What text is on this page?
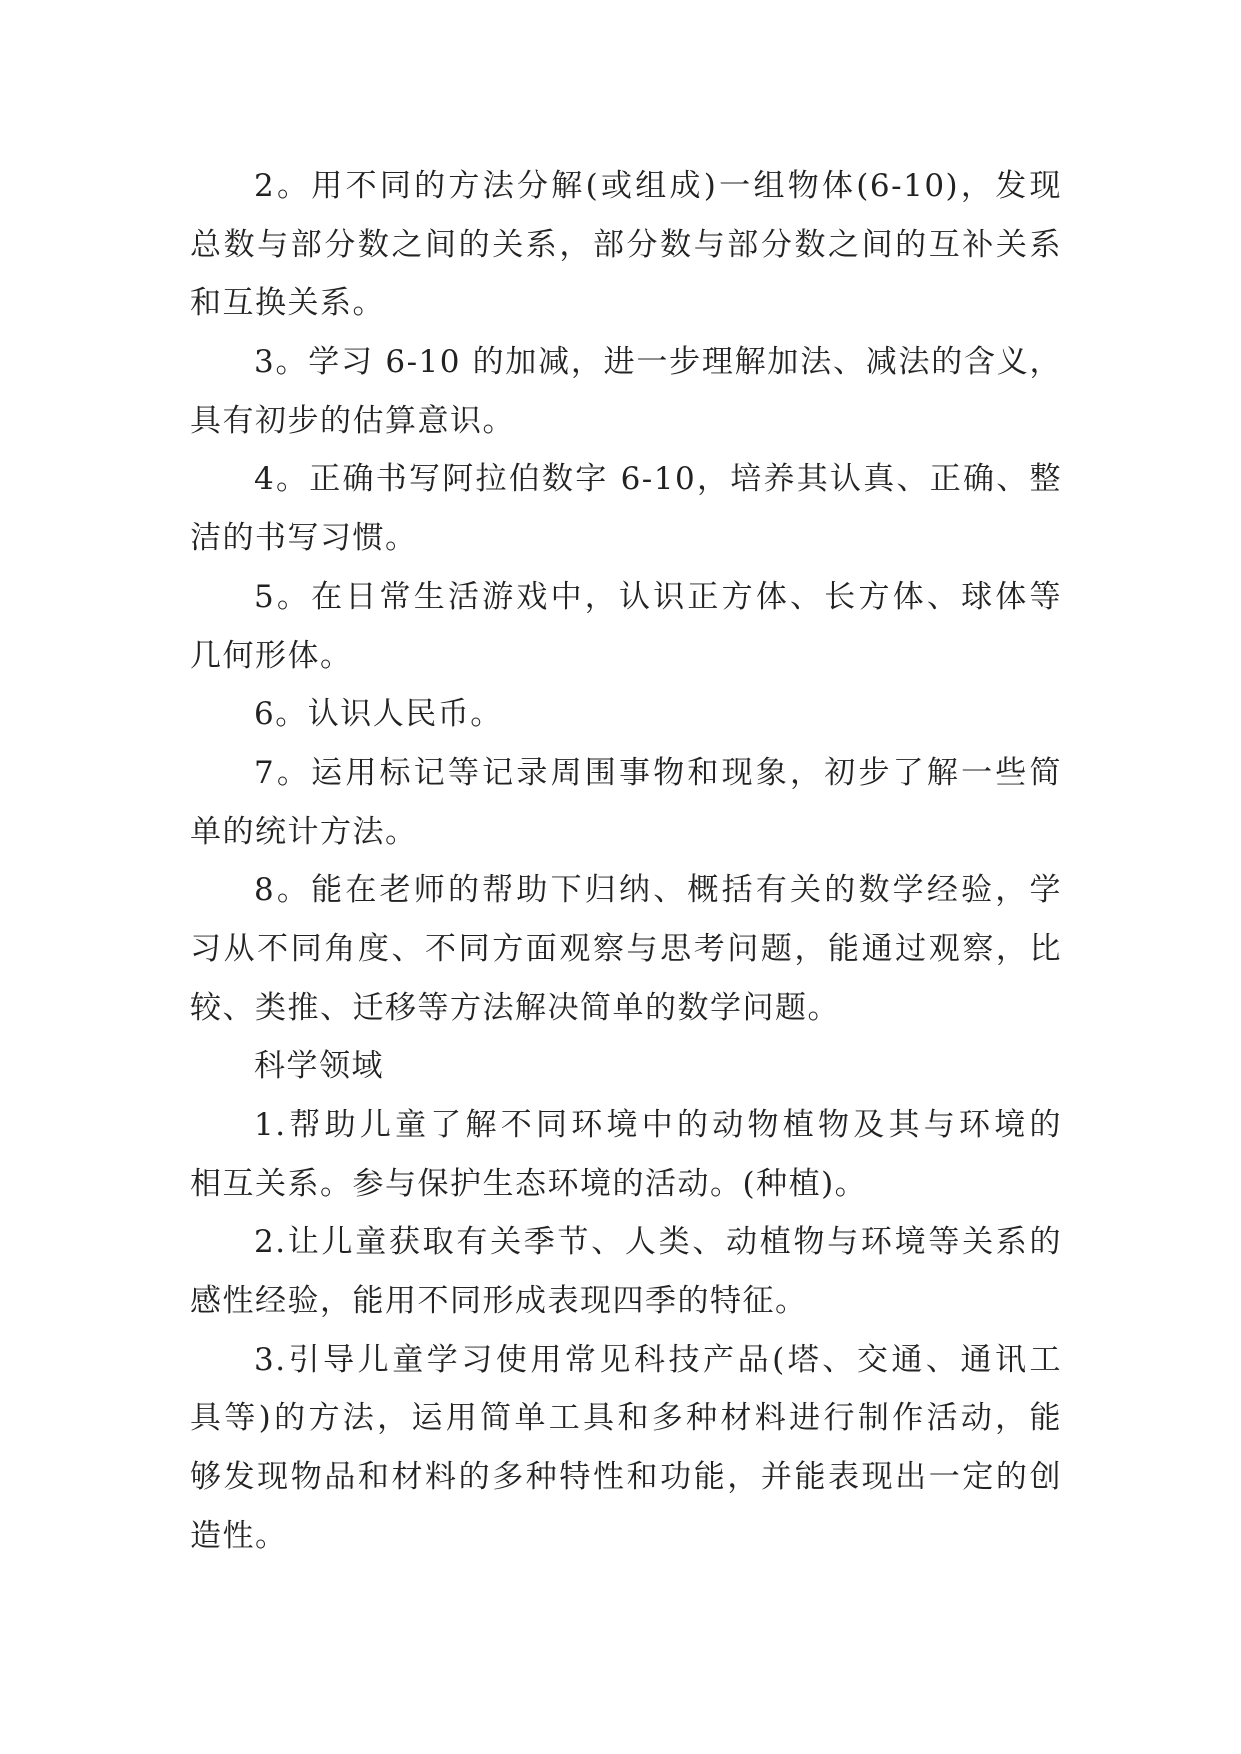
2。用不同的方法分解(或组成)一组物体(6-10)，发现
总数与部分数之间的关系，部分数与部分数之间的互补关系
和互换关系。
3。学习 6-10 的加减，进一步理解加法、减法的含义，
具有初步的估算意识。
4。正确书写阿拉伯数字 6-10，培养其认真、正确、整
洁的书写习惯。
5。在日常生活游戏中，认识正方体、长方体、球体等
几何形体。
6。认识人民币。
7。运用标记等记录周围事物和现象，初步了解一些简
单的统计方法。
8。能在老师的帮助下归纳、概括有关的数学经验，学
习从不同角度、不同方面观察与思考问题，能通过观察，比
较、类推、迁移等方法解决简单的数学问题。
科学领域
1.帮助儿童了解不同环境中的动物植物及其与环境的
相互关系。参与保护生态环境的活动。(种植)。
2.让儿童获取有关季节、人类、动植物与环境等关系的
感性经验，能用不同形成表现四季的特征。
3.引导儿童学习使用常见科技产品(塔、交通、通讯工
具等)的方法，运用简单工具和多种材料进行制作活动，能
够发现物品和材料的多种特性和功能，并能表现出一定的创
造性。
